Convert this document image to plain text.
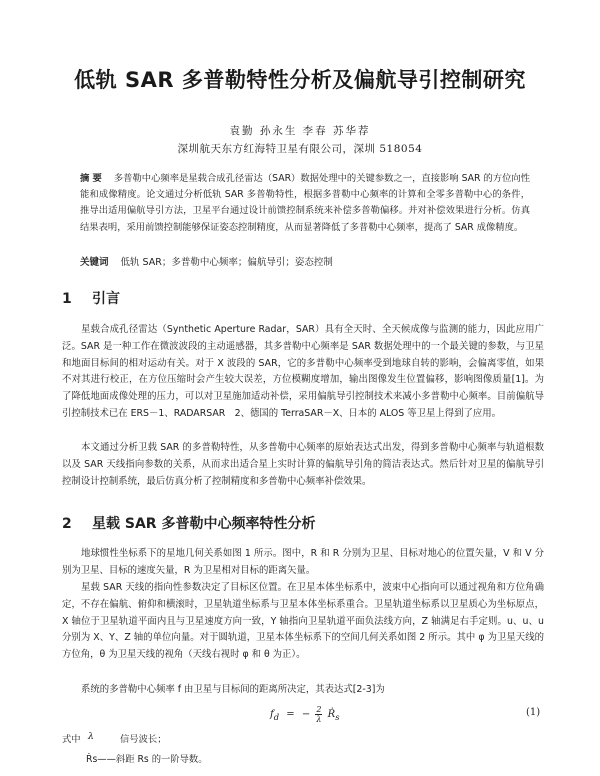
低轨 SAR 多普勒特性分析及偏航导引控制研究
袁勤 孙永生 李春 苏华荐
深圳航天东方红海特卫星有限公司，深圳 518054
摘 要 多普勒中心频率是星载合成孔径雷达（SAR）数据处理中的关键参数之一，直接影响 SAR 的方位向性能和成像精度。论文通过分析低轨 SAR 多普勒特性，根据多普勒中心频率的计算和全零多普勒中心的条件，推导出适用偏航导引方法，卫星平台通过设计前馈控制系统来补偿多普勒偏移。并对补偿效果进行分析。仿真结果表明，采用前馈控制能够保证姿态控制精度，从而显著降低了多普勒中心频率，提高了 SAR 成像精度。
关键词 低轨 SAR；多普勒中心频率；偏航导引；姿态控制
1 引言
星载合成孔径雷达（Synthetic Aperture Radar，SAR）具有全天时、全天候成像与监测的能力，因此应用广泛。SAR 是一种工作在微波波段的主动遥感器，其多普勒中心频率是 SAR 数据处理中的一个最关键的参数，与卫星和地面目标间的相对运动有关。对于 X 波段的 SAR，它的多普勒中心频率受到地球自转的影响，会偏离零值，如果不对其进行校正，在方位压缩时会产生较大误差，方位模糊度增加，输出图像发生位置偏移，影响图像质量[1]。为了降低地面成像处理的压力，可以对卫星施加适动补偿，采用偏航导引控制技术来减小多普勒中心频率。目前偏航导引控制技术已在 ERS－1、RADARSAR　2、德国的 TerraSAR－X、日本的 ALOS 等卫星上得到了应用。
本文通过分析卫载 SAR 的多普勒特性，从多普勒中心频率的原始表达式出发，得到多普勒中心频率与轨道根数以及 SAR 天线指向参数的关系，从而求出适合星上实时计算的偏航导引角的简洁表达式。然后针对卫星的偏航导引控制设计控制系统，最后仿真分析了控制精度和多普勒中心频率补偿效果。
2 星载 SAR 多普勒中心频率特性分析
地球惯性坐标系下的星地几何关系如图 1 所示。图中，R 和 R 分别为卫星、目标对地心的位置矢量，V 和 V 分别为卫星、目标的速度矢量，R 为卫星相对目标的距离矢量。
星载 SAR 天线的指向性参数决定了目标区位置。在卫星本体坐标系中，波束中心指向可以通过视角和方位角确定，不存在偏航、俯仰和横滚时，卫星轨道坐标系与卫星本体坐标系重合。卫星轨道坐标系以卫星质心为坐标原点，X 轴位于卫星轨道平面内且与卫星速度方向一致，Y 轴指向卫星轨道平面负法线方向，Z 轴满足右手定则。u、u、u 分别为 X、Y、Z 轴的单位向量。对于圆轨道，卫星本体坐标系下的空间几何关系如图 2 所示。其中 φ 为卫星天线的方位角，θ 为卫星天线的视角（天线右视时 φ 和 θ 为正）。
系统的多普勒中心频率 f 由卫星与目标间的距离所决定，其表达式[2-3]为
$f_d$ = − $\frac{2}{\lambda}$ Ṙ$_s$	(1)
式中 λ	信号波长；
Ṙs——斜距 Rs 的一阶导数。
